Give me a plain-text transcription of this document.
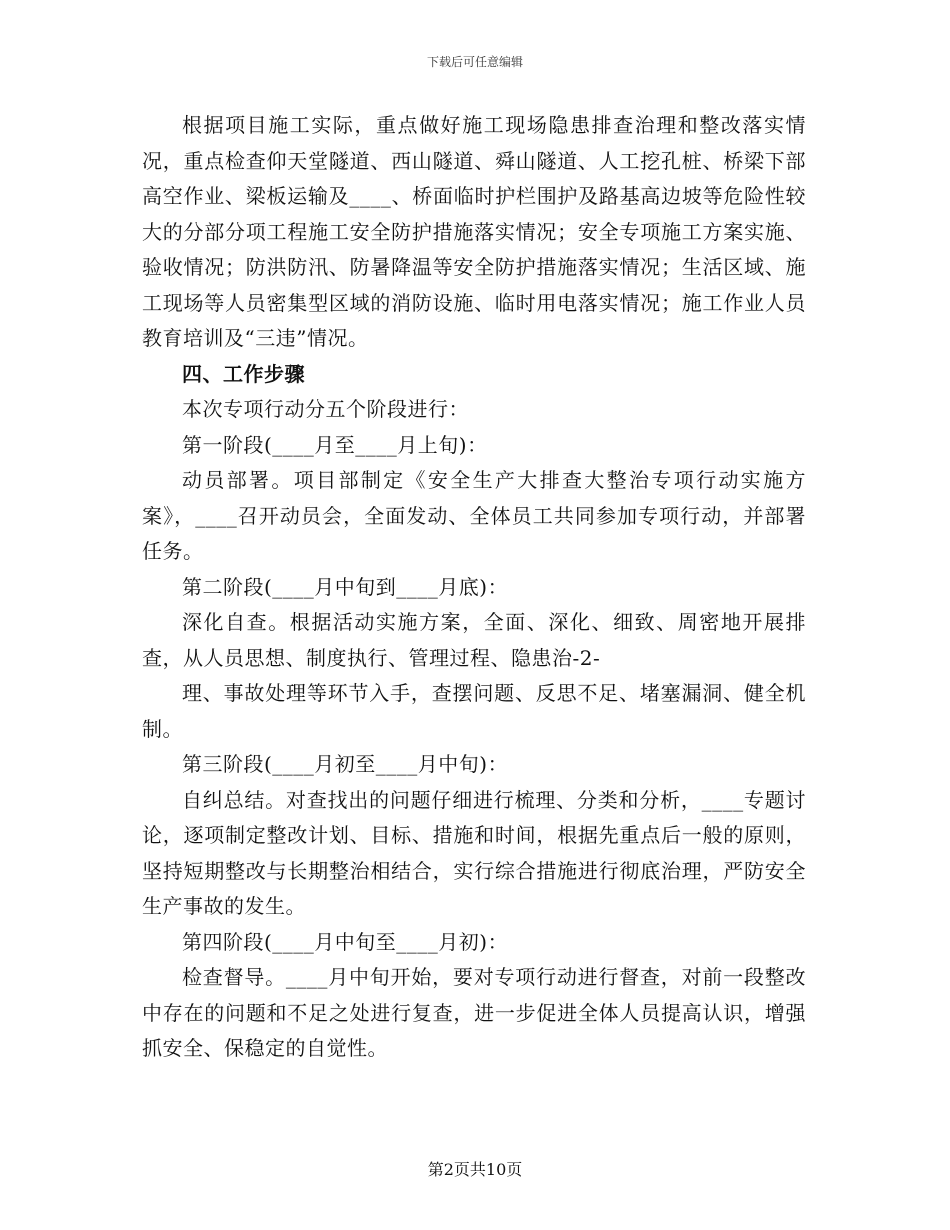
下载后可任意编辑

根据项目施工实际，重点做好施工现场隐患排查治理和整改落实情况，重点检查仰天堂隧道、西山隧道、舜山隧道、人工挖孔桩、桥梁下部高空作业、梁板运输及____、桥面临时护栏围护及路基高边坡等危险性较大的分部分项工程施工安全防护措施落实情况；安全专项施工方案实施、验收情况；防洪防汛、防暑降温等安全防护措施落实情况；生活区域、施工现场等人员密集型区域的消防设施、临时用电落实情况；施工作业人员教育培训及“三违”情况。

四、工作步骤

本次专项行动分五个阶段进行：

第一阶段(____月至____月上旬)：

动员部署。项目部制定《安全生产大排查大整治专项行动实施方案》，____召开动员会，全面发动、全体员工共同参加专项行动，并部署任务。

第二阶段(____月中旬到____月底)：

深化自查。根据活动实施方案，全面、深化、细致、周密地开展排查，从人员思想、制度执行、管理过程、隐患治-2-

理、事故处理等环节入手，查摆问题、反思不足、堵塞漏洞、健全机制。

第三阶段(____月初至____月中旬)：

自纠总结。对查找出的问题仔细进行梳理、分类和分析，____专题讨论，逐项制定整改计划、目标、措施和时间，根据先重点后一般的原则，坚持短期整改与长期整治相结合，实行综合措施进行彻底治理，严防安全生产事故的发生。

第四阶段(____月中旬至____月初)：

检查督导。____月中旬开始，要对专项行动进行督查，对前一段整改中存在的问题和不足之处进行复查，进一步促进全体人员提高认识，增强抓安全、保稳定的自觉性。

第2页共10页
